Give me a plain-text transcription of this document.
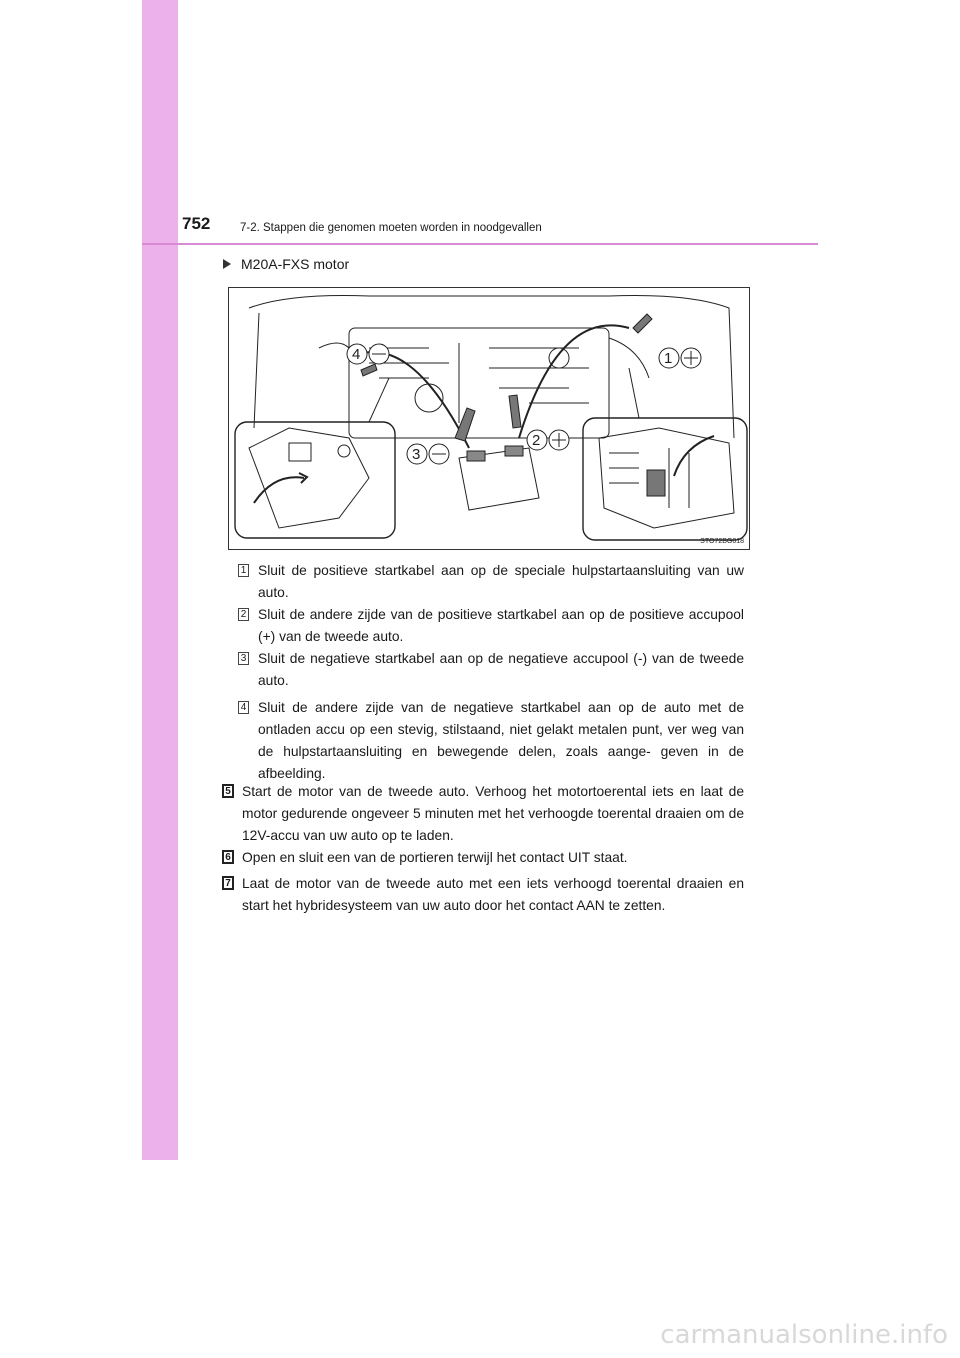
752	7-2. Stappen die genomen moeten worden in noodgevallen
M20A-FXS motor
1
2
3
4
STO72BG018
1 Sluit de positieve startkabel aan op de speciale hulpstartaansluiting van uw auto.
2 Sluit de andere zijde van de positieve startkabel aan op de positieve accupool (+) van de tweede auto.
3 Sluit de negatieve startkabel aan op de negatieve accupool (-) van de tweede auto.
4 Sluit de andere zijde van de negatieve startkabel aan op de auto met de ontladen accu op een stevig, stilstaand, niet gelakt metalen punt, ver weg van de hulpstartaansluiting en bewegende delen, zoals aange- geven in de afbeelding.
5 Start de motor van de tweede auto. Verhoog het motortoerental iets en laat de motor gedurende ongeveer 5 minuten met het verhoogde toerental draaien om de 12V-accu van uw auto op te laden.
6 Open en sluit een van de portieren terwijl het contact UIT staat.
7 Laat de motor van de tweede auto met een iets verhoogd toerental draaien en start het hybridesysteem van uw auto door het contact AAN te zetten.
carmanualsonline.info
